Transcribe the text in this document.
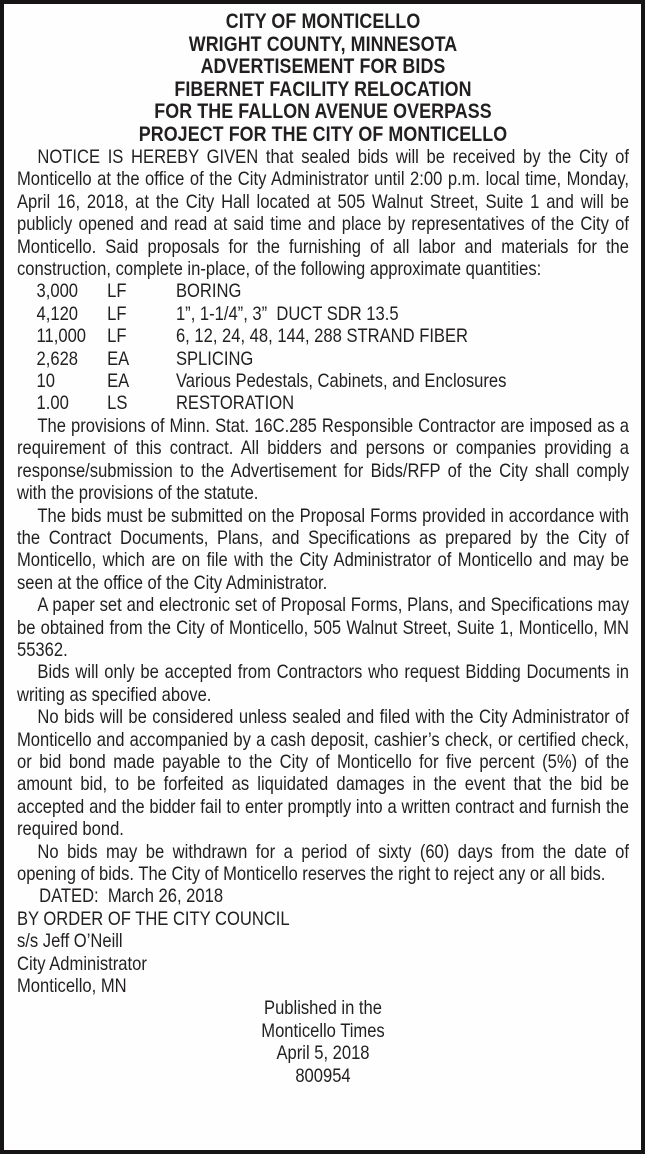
CITY OF MONTICELLO
WRIGHT COUNTY, MINNESOTA
ADVERTISEMENT FOR BIDS
FIBERNET FACILITY RELOCATION
FOR THE FALLON AVENUE OVERPASS
PROJECT FOR THE CITY OF MONTICELLO

NOTICE IS HEREBY GIVEN that sealed bids will be received by the City of Monticello at the office of the City Administrator until 2:00 p.m. local time, Monday, April 16, 2018, at the City Hall located at 505 Walnut Street, Suite 1 and will be publicly opened and read at said time and place by representatives of the City of Monticello. Said proposals for the furnishing of all labor and materials for the construction, complete in-place, of the following approximate quantities:

3,000	LF	BORING
4,120	LF	1”, 1-1/4”, 3”  DUCT SDR 13.5
11,000	LF	6, 12, 24, 48, 144, 288 STRAND FIBER
2,628	EA	SPLICING
10	EA	Various Pedestals, Cabinets, and Enclosures
1.00	LS	RESTORATION

The provisions of Minn. Stat. 16C.285 Responsible Contractor are imposed as a requirement of this contract. All bidders and persons or companies providing a response/submission to the Advertisement for Bids/RFP of the City shall comply with the provisions of the statute.

The bids must be submitted on the Proposal Forms provided in accordance with the Contract Documents, Plans, and Specifications as prepared by the City of Monticello, which are on file with the City Administrator of Monticello and may be seen at the office of the City Administrator.

A paper set and electronic set of Proposal Forms, Plans, and Specifications may be obtained from the City of Monticello, 505 Walnut Street, Suite 1, Monticello, MN 55362.

Bids will only be accepted from Contractors who request Bidding Documents in writing as specified above.

No bids will be considered unless sealed and filed with the City Administrator of Monticello and accompanied by a cash deposit, cashier’s check, or certified check, or bid bond made payable to the City of Monticello for five percent (5%) of the amount bid, to be forfeited as liquidated damages in the event that the bid be accepted and the bidder fail to enter promptly into a written contract and furnish the required bond.

No bids may be withdrawn for a period of sixty (60) days from the date of opening of bids. The City of Monticello reserves the right to reject any or all bids.

DATED:  March 26, 2018
BY ORDER OF THE CITY COUNCIL
s/s Jeff O’Neill
City Administrator
Monticello, MN
Published in the
Monticello Times
April 5, 2018
800954
